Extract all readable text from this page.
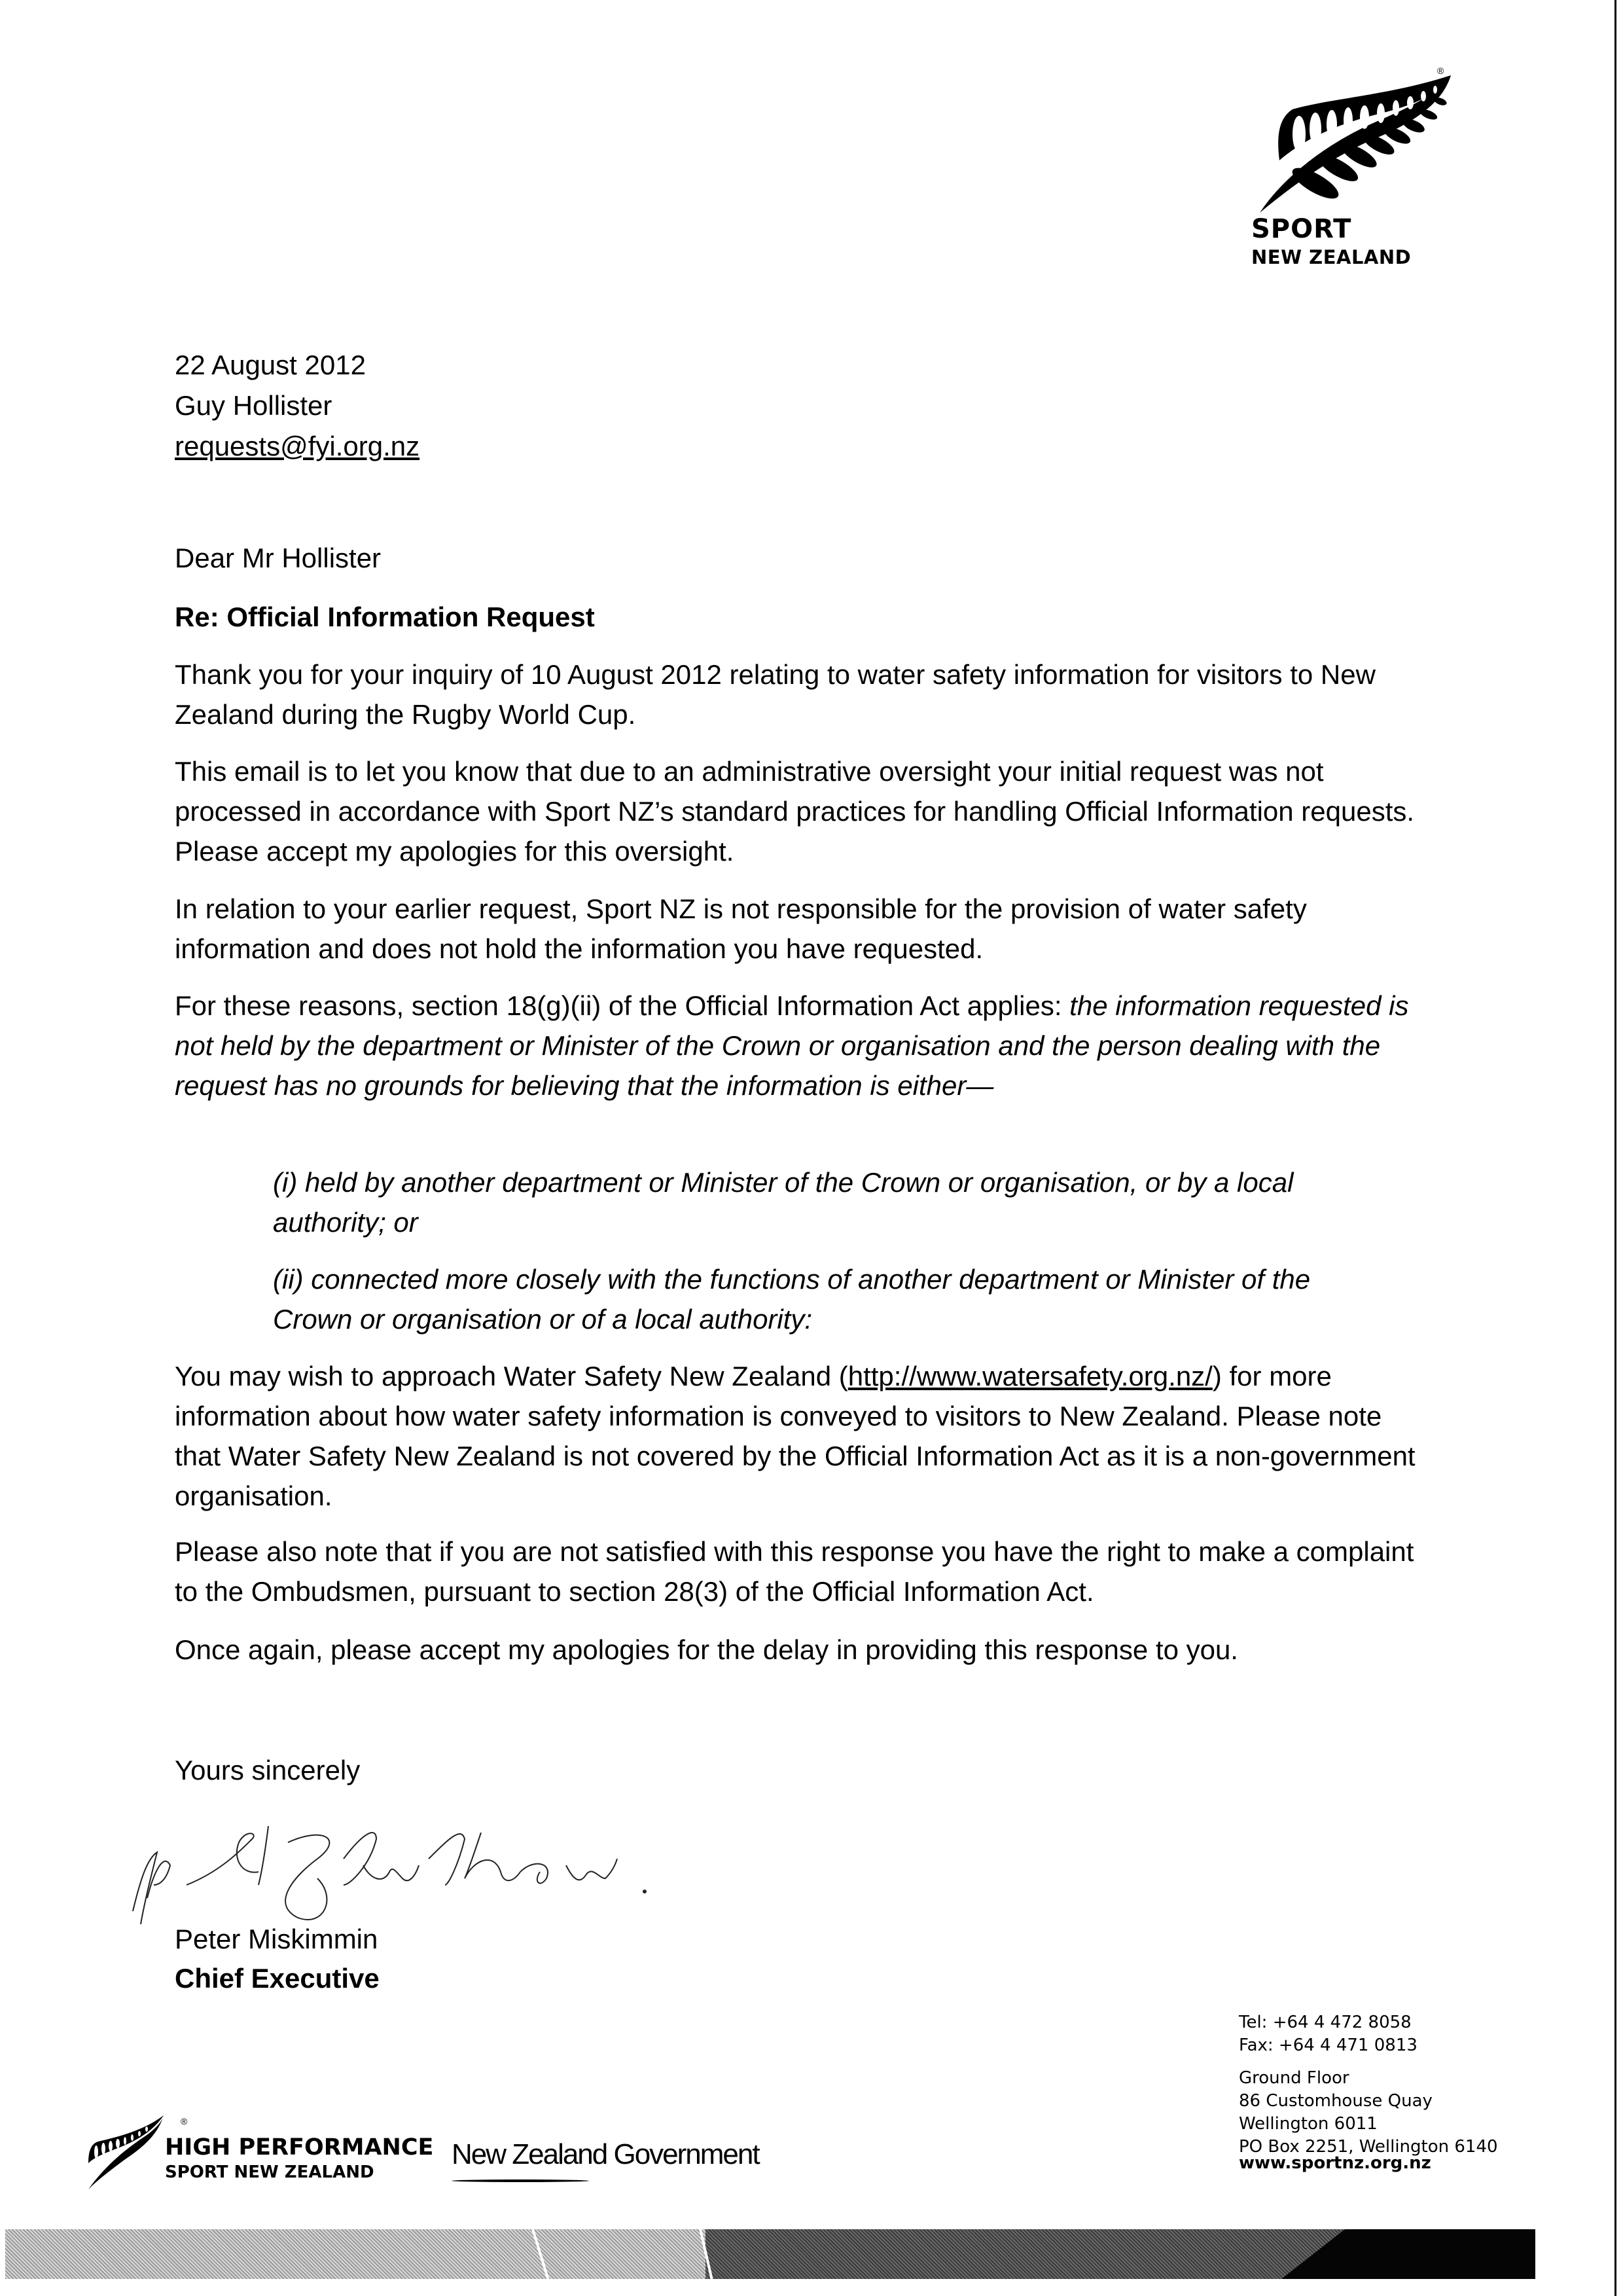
®
SPORT
NEW ZEALAND
22 August 2012
Guy Hollister
requests@fyi.org.nz
Dear Mr Hollister
Re: Official Information Request
Thank you for your inquiry of 10 August 2012 relating to water safety information for visitors to New Zealand during the Rugby World Cup.
This email is to let you know that due to an administrative oversight your initial request was not processed in accordance with Sport NZ’s standard practices for handling Official Information requests. Please accept my apologies for this oversight.
In relation to your earlier request, Sport NZ is not responsible for the provision of water safety information and does not hold the information you have requested.
For these reasons, section 18(g)(ii) of the Official Information Act applies: the information requested is not held by the department or Minister of the Crown or organisation and the person dealing with the request has no grounds for believing that the information is either—
(i) held by another department or Minister of the Crown or organisation, or by a local authority; or
(ii) connected more closely with the functions of another department or Minister of the Crown or organisation or of a local authority:
You may wish to approach Water Safety New Zealand (http://www.watersafety.org.nz/) for more information about how water safety information is conveyed to visitors to New Zealand. Please note that Water Safety New Zealand is not covered by the Official Information Act as it is a non-government organisation.
Please also note that if you are not satisfied with this response you have the right to make a complaint to the Ombudsmen, pursuant to section 28(3) of the Official Information Act.
Once again, please accept my apologies for the delay in providing this response to you.
Yours sincerely
Peter Miskimmin
Chief Executive
Tel: +64 4 472 8058
Fax: +64 4 471 0813
Ground Floor
86 Customhouse Quay
Wellington 6011
PO Box 2251, Wellington 6140
www.sportnz.org.nz
®
HIGH PERFORMANCE
SPORT NEW ZEALAND
New Zealand Government
